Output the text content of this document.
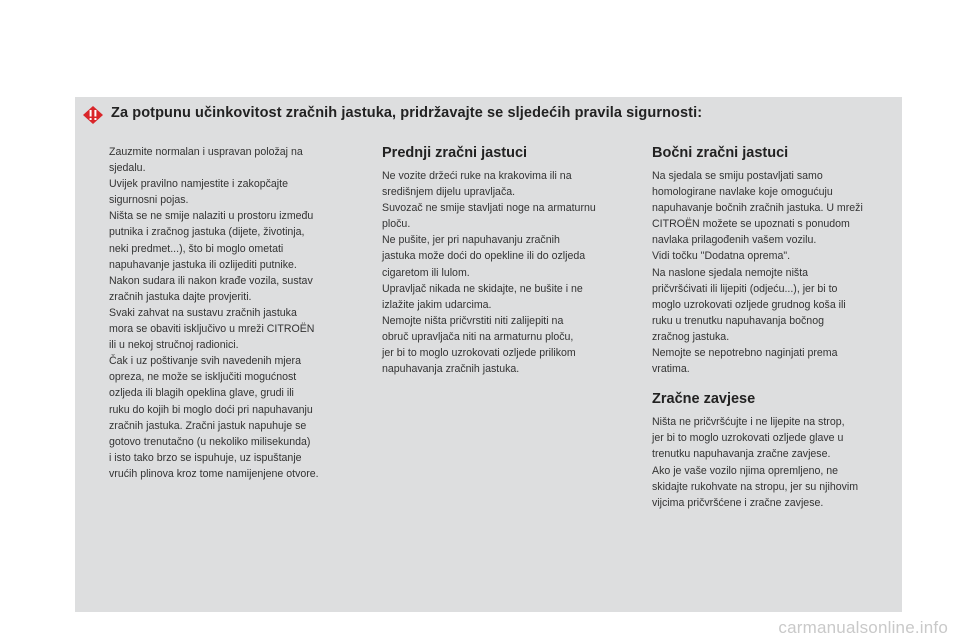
Za potpunu učinkovitost zračnih jastuka, pridržavajte se sljedećih pravila sigurnosti:

Zauzmite normalan i uspravan položaj na

sjedalu.

Uvijek pravilno namjestite i zakopčajte

sigurnosni pojas.

Ništa se ne smije nalaziti u prostoru između

putnika i zračnog jastuka (dijete, životinja,

neki predmet...), što bi moglo ometati

napuhavanje jastuka ili ozlijediti putnike.

Nakon sudara ili nakon krađe vozila, sustav

zračnih jastuka dajte provjeriti.

Svaki zahvat na sustavu zračnih jastuka

mora se obaviti isključivo u mreži CITROËN

ili u nekoj stručnoj radionici.

Čak i uz poštivanje svih navedenih mjera

opreza, ne može se isključiti mogućnost

ozljeda ili blagih opeklina glave, grudi ili

ruku do kojih bi moglo doći pri napuhavanju

zračnih jastuka. Zračni jastuk napuhuje se

gotovo trenutačno (u nekoliko milisekunda)

i isto tako brzo se ispuhuje, uz ispuštanje

vrućih plinova kroz tome namijenjene otvore.

Prednji zračni jastuci

Ne vozite držeći ruke na krakovima ili na

središnjem dijelu upravljača.

Suvozač ne smije stavljati noge na armaturnu

ploču.

Ne pušite, jer pri napuhavanju zračnih

jastuka može doći do opekline ili do ozljeda

cigaretom ili lulom.

Upravljač nikada ne skidajte, ne bušite i ne

izlažite jakim udarcima.

Nemojte ništa pričvrstiti niti zalijepiti na

obruč upravljača niti na armaturnu ploču,

jer bi to moglo uzrokovati ozljede prilikom

napuhavanja zračnih jastuka.

Bočni zračni jastuci

Na sjedala se smiju postavljati samo

homologirane navlake koje omogućuju

napuhavanje bočnih zračnih jastuka. U mreži

CITROËN možete se upoznati s ponudom

navlaka prilagođenih vašem vozilu.

Vidi točku "Dodatna oprema".

Na naslone sjedala nemojte ništa

pričvršćivati ili lijepiti (odjeću...), jer bi to

moglo uzrokovati ozljede grudnog koša ili

ruku u trenutku napuhavanja bočnog

zračnog jastuka.

Nemojte se nepotrebno naginjati prema

vratima.

Zračne zavjese

Ništa ne pričvršćujte i ne lijepite na strop,

jer bi to moglo uzrokovati ozljede glave u

trenutku napuhavanja zračne zavjese.

Ako je vaše vozilo njima opremljeno, ne

skidajte rukohvate na stropu, jer su njihovim

vijcima pričvršćene i zračne zavjese.

carmanualsonline.info
